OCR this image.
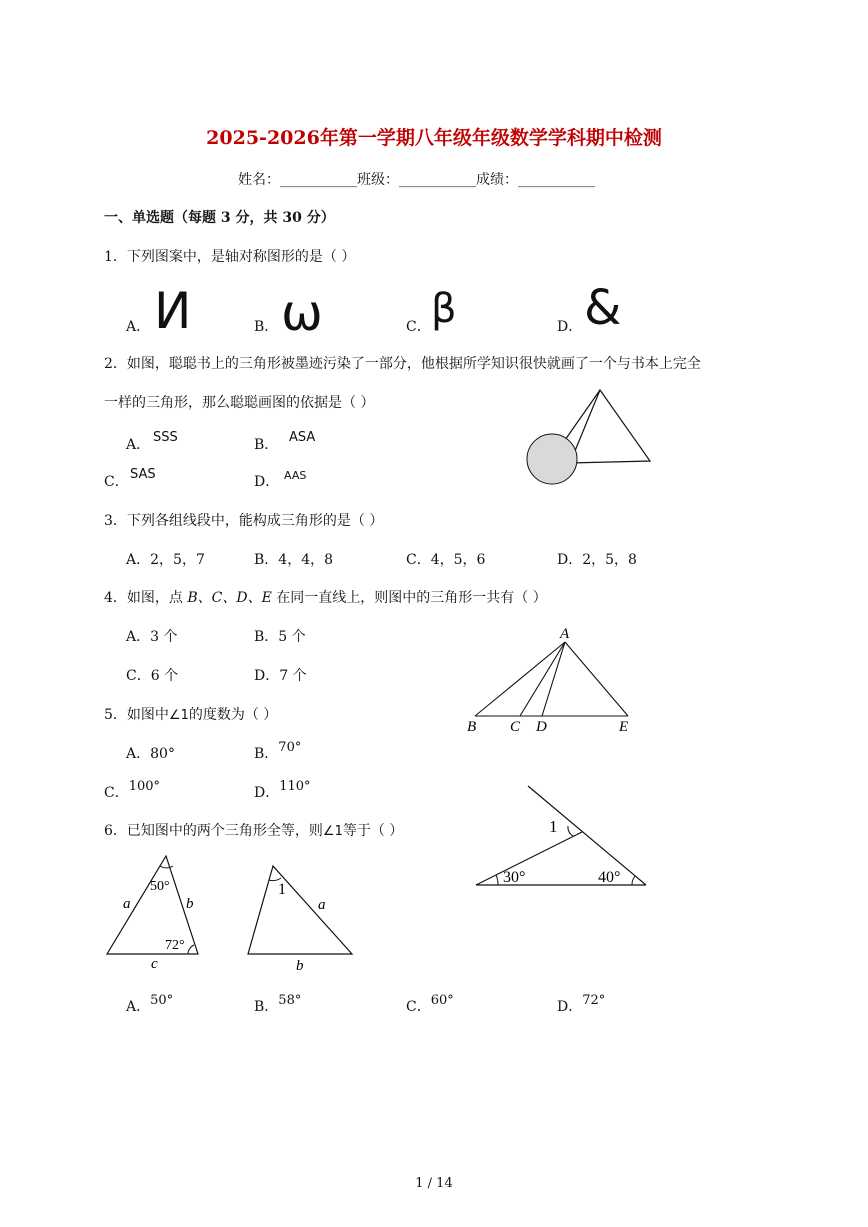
2025-2026年第一学期八年级年级数学学科期中检测
姓名：___________班级：___________成绩：___________
一、单选题（每题 3 分，共 30 分）
1．下列图案中，是轴对称图形的是（ ）
A． И	B． ω	C． β	D． &
2．如图，聪聪书上的三角形被墨迹污染了一部分，他根据所学知识很快就画了一个与书本上完全
一样的三角形，那么聪聪画图的依据是（ ）
A． SSS	B． ASA
C． SAS	D． AAS
3．下列各组线段中，能构成三角形的是（ ）
A．2，5，7	B．4，4，8	C．4，5，6	D．2，5，8
4．如图，点 B、C、D、E 在同一直线上，则图中的三角形一共有（ ）
A．3 个	B．5 个
C．6 个	D．7 个
A
B C D	E
5．如图中∠1的度数为（ ）
A．80°	B．70°
C．100°	D．110°
1
30°	40°
6．已知图中的两个三角形全等，则∠1等于（ ）
50°
72°
a	b
c
1
a
b
A．50°	B．58°	C．60°	D．72°
1 / 14
